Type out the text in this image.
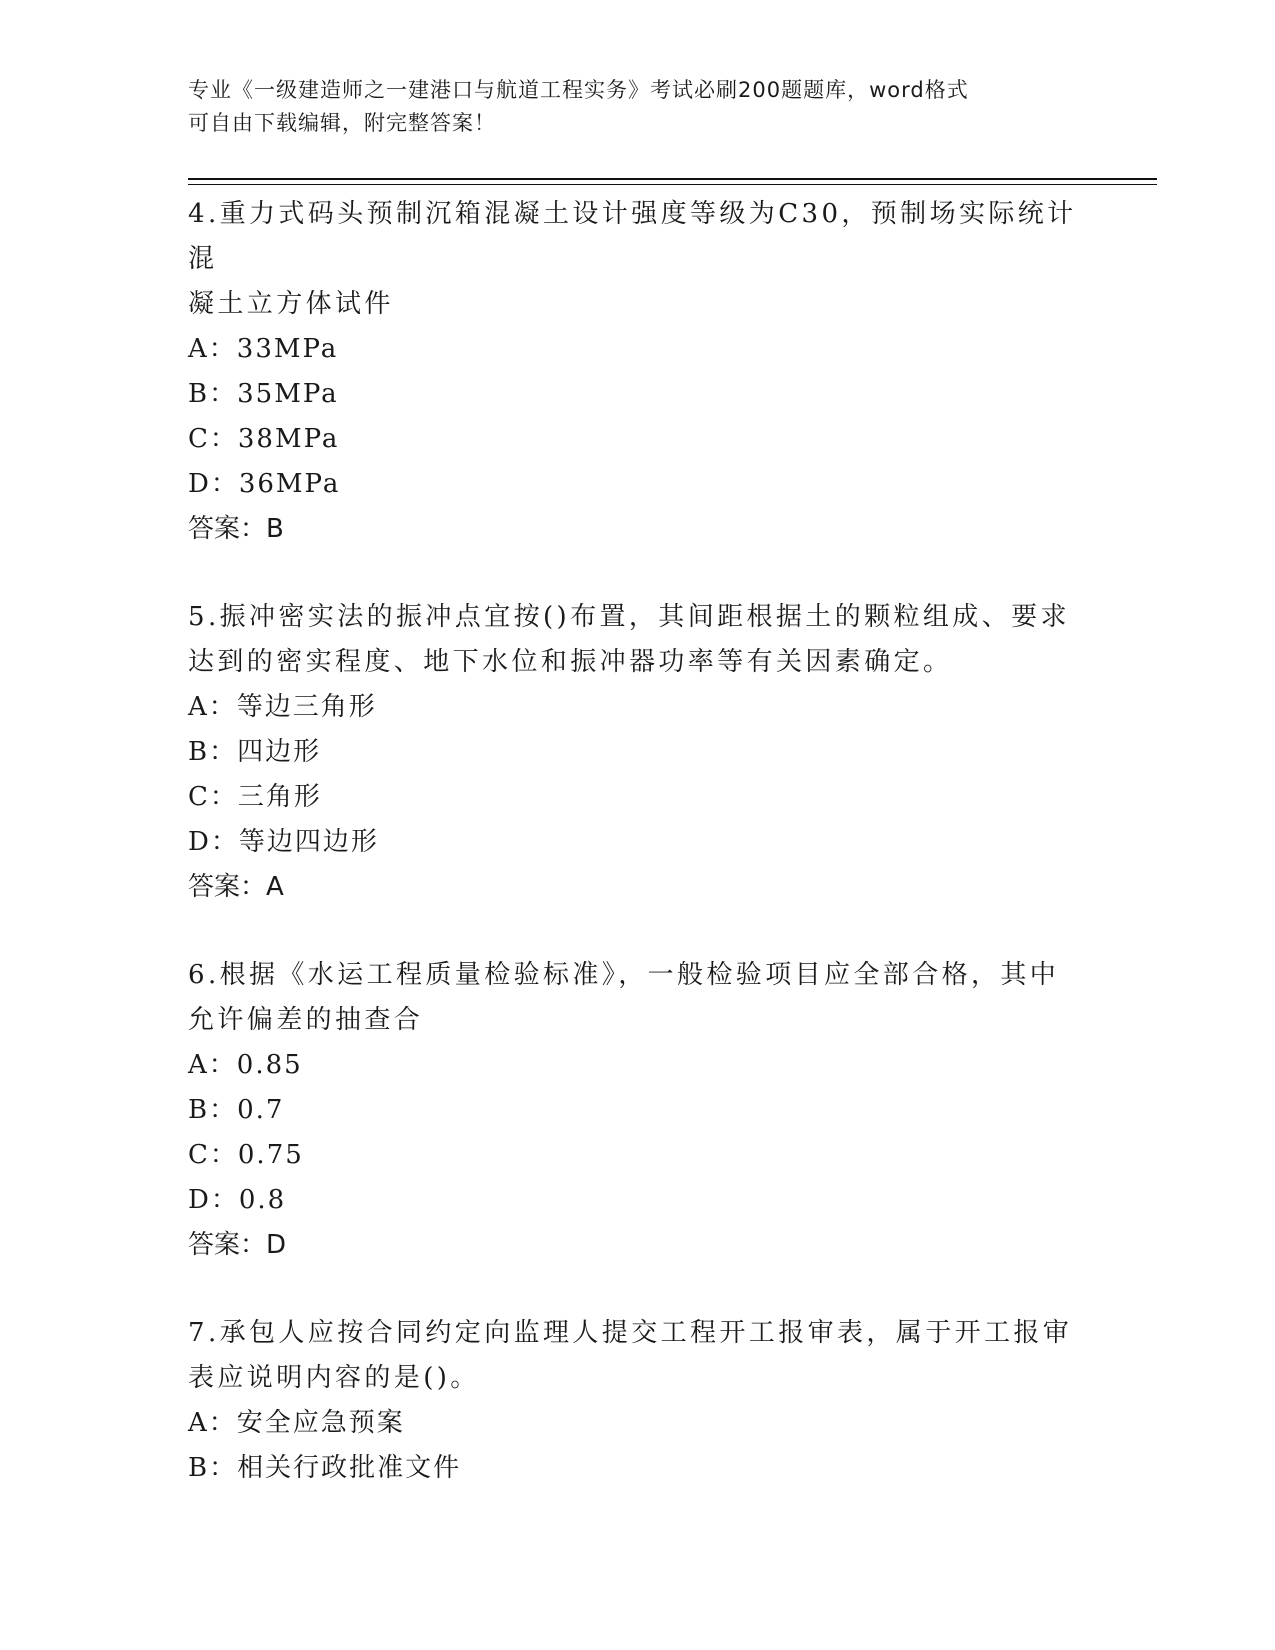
专业《一级建造师之一建港口与航道工程实务》考试必刷200题题库，word格式

可自由下载编辑，附完整答案！

4.重力式码头预制沉箱混凝土设计强度等级为C30，预制场实际统计混

凝土立方体试件

A：33MPa

B：35MPa

C：38MPa

D：36MPa

答案：B

5.振冲密实法的振冲点宜按()布置，其间距根据土的颗粒组成、要求

达到的密实程度、地下水位和振冲器功率等有关因素确定。

A：等边三角形

B：四边形

C：三角形

D：等边四边形

答案：A

6.根据《水运工程质量检验标准》，一般检验项目应全部合格，其中

允许偏差的抽查合

A：0.85

B：0.7

C：0.75

D：0.8

答案：D

7.承包人应按合同约定向监理人提交工程开工报审表，属于开工报审

表应说明内容的是()。

A：安全应急预案

B：相关行政批准文件
